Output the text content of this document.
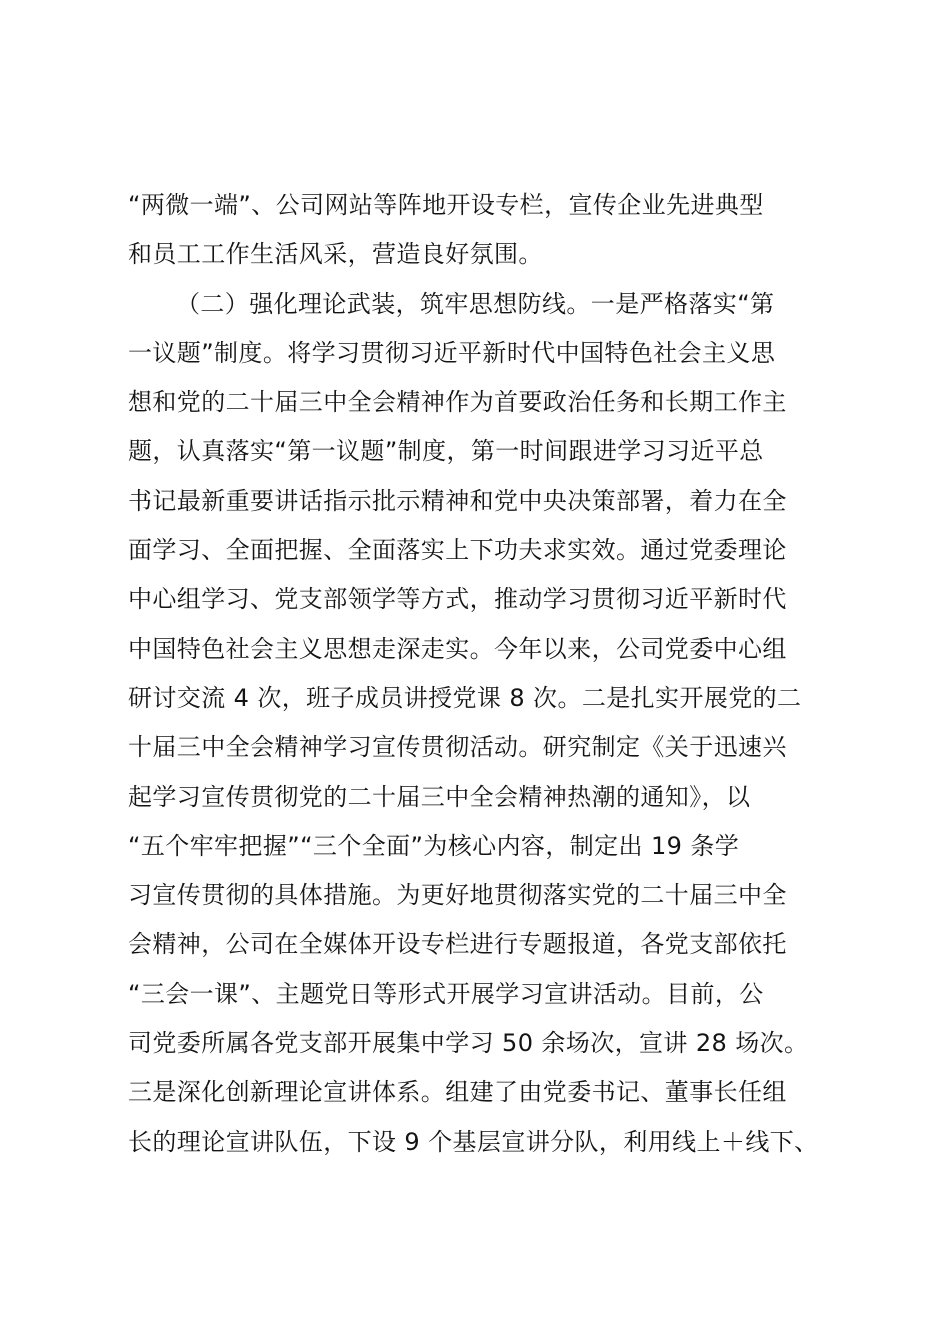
“两微一端”、公司网站等阵地开设专栏，宣传企业先进典型
和员工工作生活风采，营造良好氛围。
（二）强化理论武装，筑牢思想防线。一是严格落实“第
一议题”制度。将学习贯彻习近平新时代中国特色社会主义思
想和党的二十届三中全会精神作为首要政治任务和长期工作主
题，认真落实“第一议题”制度，第一时间跟进学习习近平总
书记最新重要讲话指示批示精神和党中央决策部署，着力在全
面学习、全面把握、全面落实上下功夫求实效。通过党委理论
中心组学习、党支部领学等方式，推动学习贯彻习近平新时代
中国特色社会主义思想走深走实。今年以来，公司党委中心组
研讨交流 4 次，班子成员讲授党课 8 次。二是扎实开展党的二
十届三中全会精神学习宣传贯彻活动。研究制定《关于迅速兴
起学习宣传贯彻党的二十届三中全会精神热潮的通知》，以
“五个牢牢把握”“三个全面”为核心内容，制定出 19 条学
习宣传贯彻的具体措施。为更好地贯彻落实党的二十届三中全
会精神，公司在全媒体开设专栏进行专题报道，各党支部依托
“三会一课”、主题党日等形式开展学习宣讲活动。目前，公
司党委所属各党支部开展集中学习 50 余场次，宣讲 28 场次。
三是深化创新理论宣讲体系。组建了由党委书记、董事长任组
长的理论宣讲队伍，下设 9 个基层宣讲分队，利用线上＋线下、
